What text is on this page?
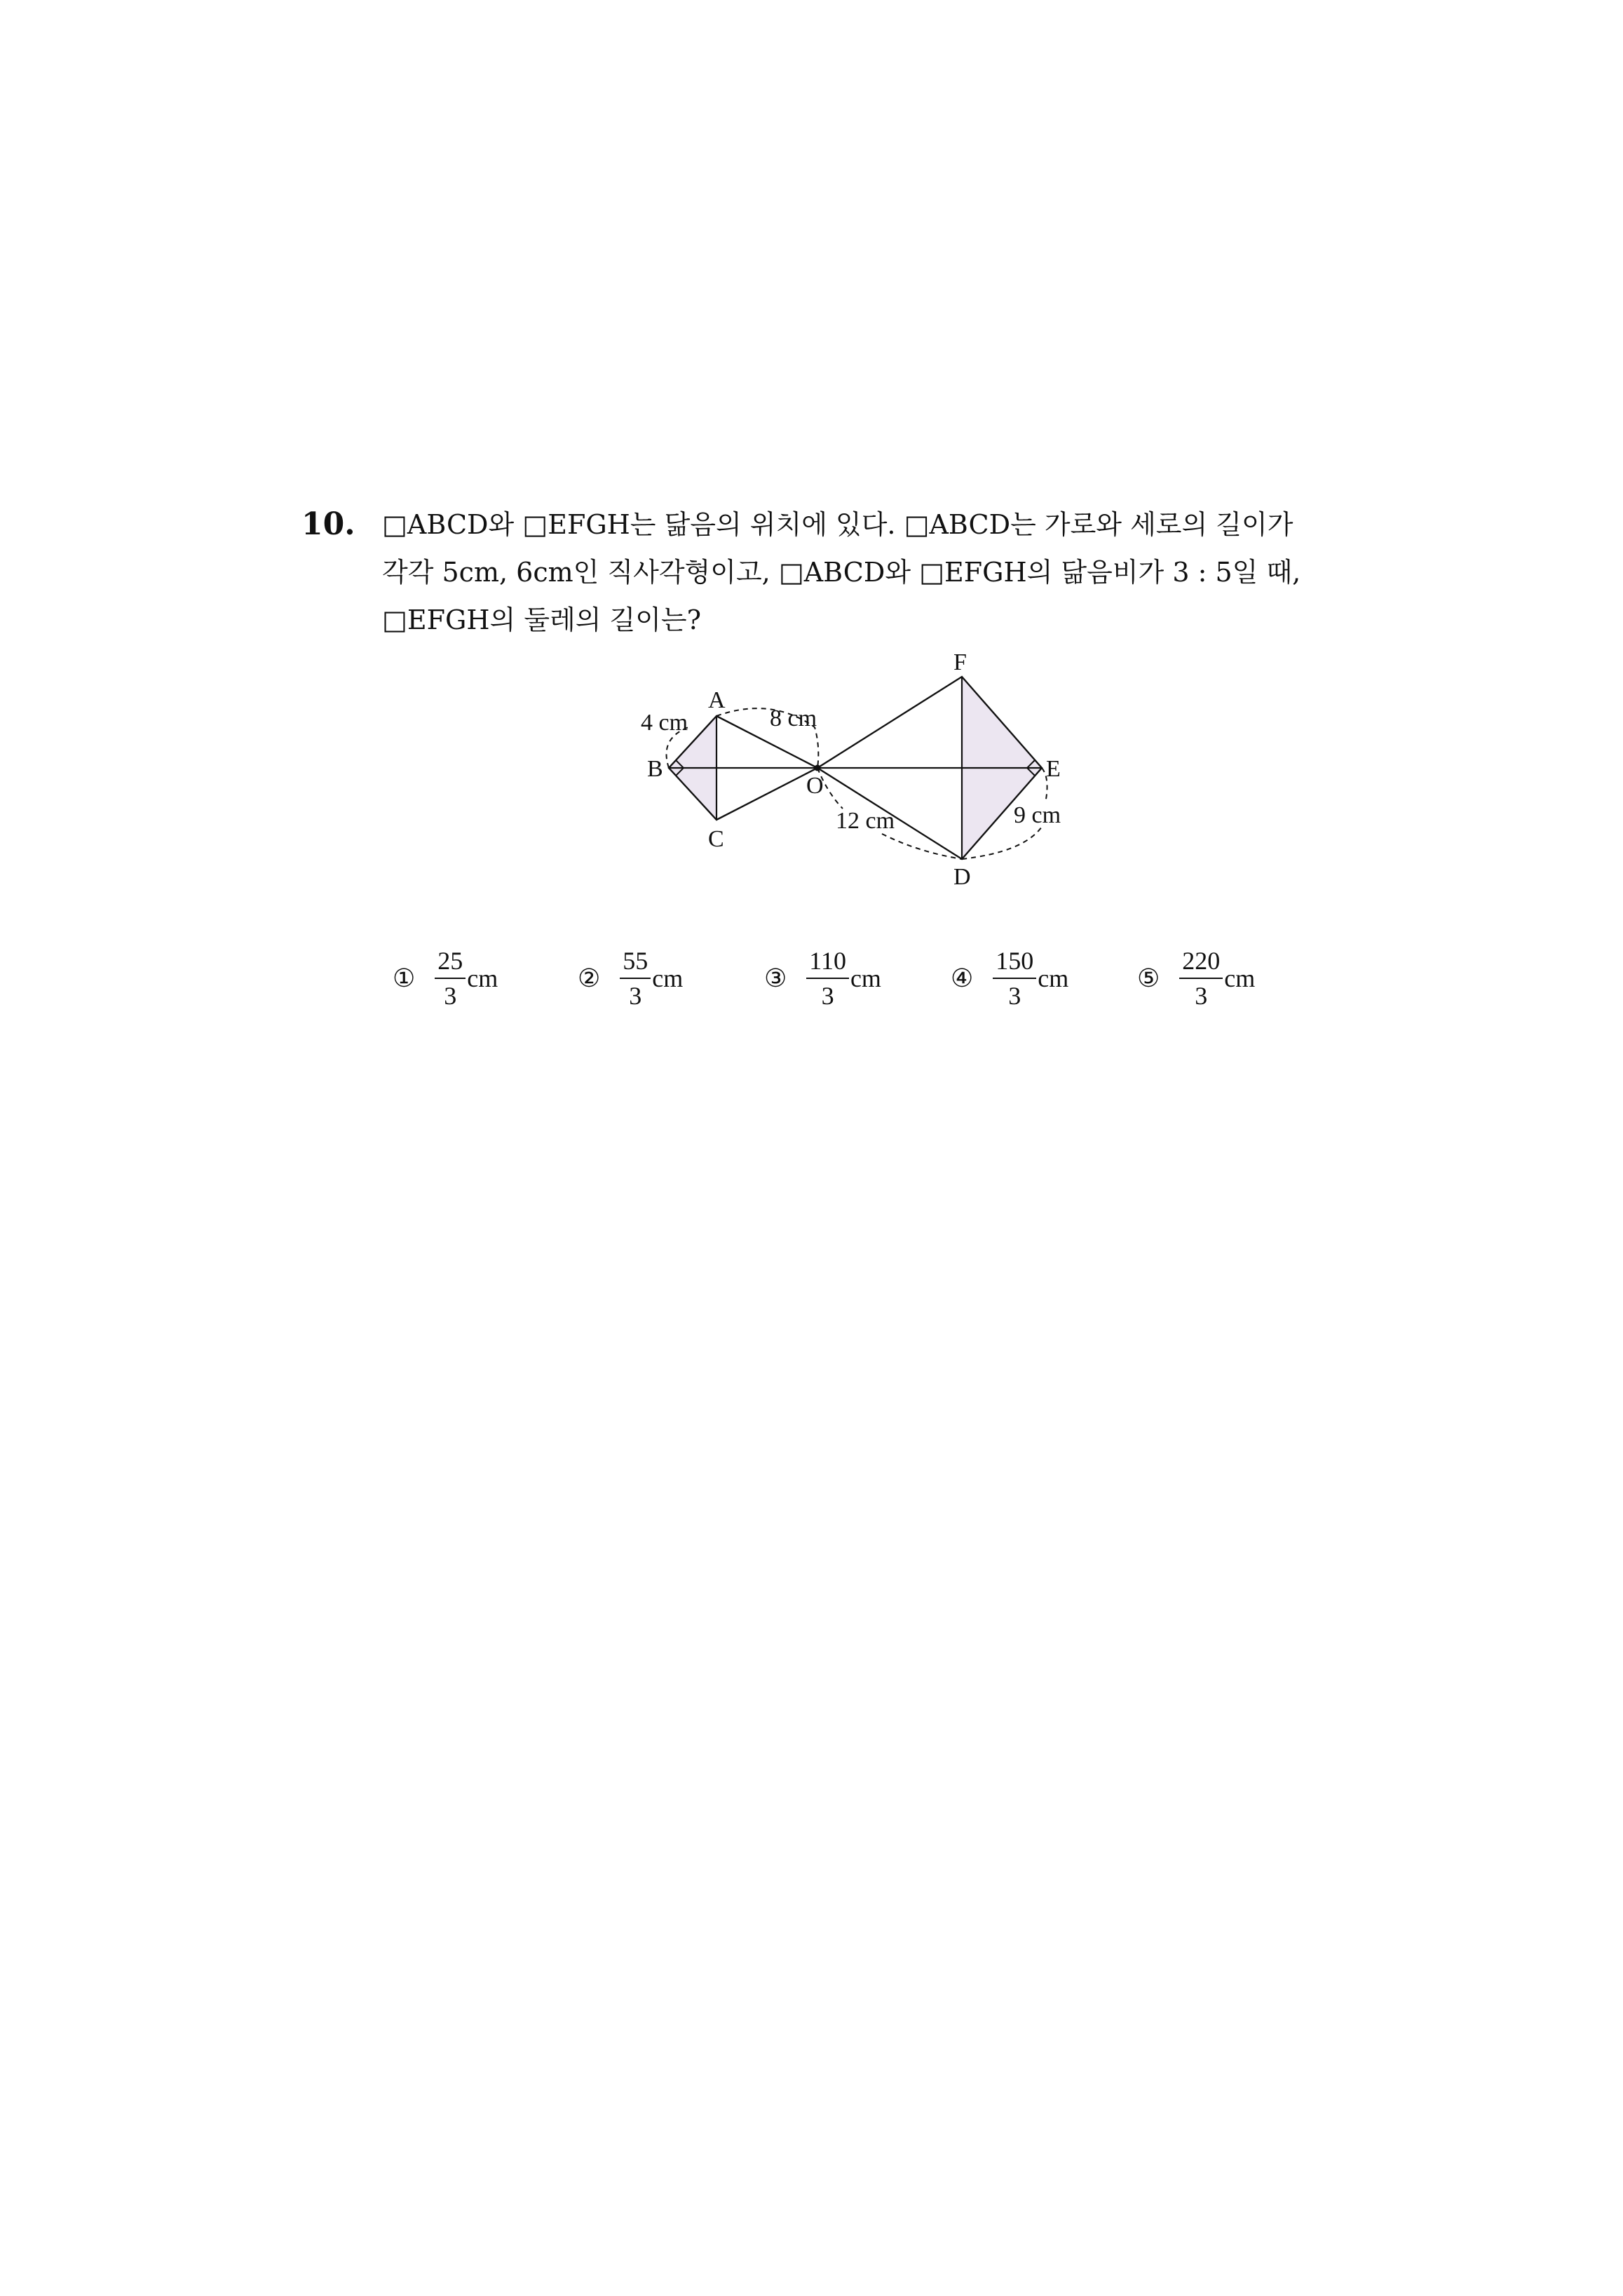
10. □ABCD와 □EFGH는 닮음의 위치에 있다. □ABCD는 가로와 세로의 길이가
각각 5cm, 6cm인 직사각형이고, □ABCD와 □EFGH의 닮음비가 3 : 5일 때,
□EFGH의 둘레의 길이는?
A
B
C
O
F
E
D
4 cm	8 cm
12 cm	9 cm
① $\frac{25}{3}$ cm	② $\frac{55}{3}$ cm	③ $\frac{110}{3}$ cm	④ $\frac{150}{3}$ cm	⑤ $\frac{220}{3}$ cm
